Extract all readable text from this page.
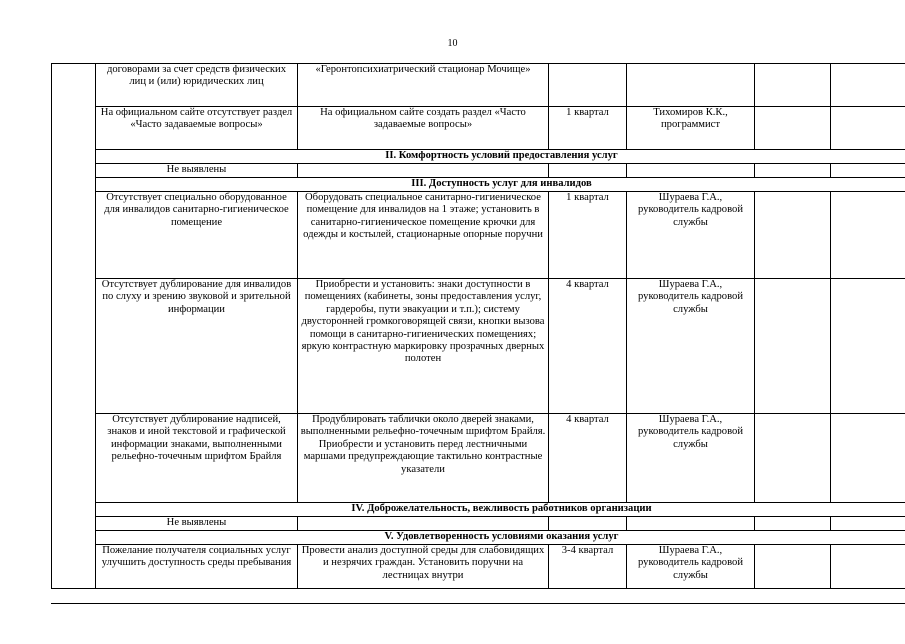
10
	договорами за счет средств физических лиц и (или) юридических лиц	«Геронтопсихиатрический стационар Мочище»				
	На официальном сайте отсутствует раздел «Часто задаваемые вопросы»	На официальном сайте создать раздел «Часто задаваемые вопросы»	1 квартал	Тихомиров К.К., программист		
	II. Комфортность условий предоставления услуг					
	Не выявлены					
	III. Доступность услуг для инвалидов					
	Отсутствует специально оборудованное для инвалидов санитарно-гигиеническое помещение	Оборудовать специальное санитарно-гигиеническое помещение для инвалидов на 1 этаже; установить в санитарно-гигиеническое помещение крючки для одежды и костылей, стационарные опорные поручни	1 квартал	Шураева Г.А., руководитель кадровой службы		
	Отсутствует дублирование для инвалидов по слуху и зрению звуковой и зрительной информации	Приобрести и установить: знаки доступности в помещениях (кабинеты, зоны предоставления услуг, гардеробы, пути эвакуации и т.п.); систему двусторонней громкоговорящей связи, кнопки вызова помощи в санитарно-гигиенических помещениях; яркую контрастную маркировку прозрачных дверных полотен	4 квартал	Шураева Г.А., руководитель кадровой службы		
	Отсутствует дублирование надписей, знаков и иной текстовой и графической информации знаками, выполненными рельефно-точечным шрифтом Брайля	Продублировать таблички около дверей знаками, выполненными рельефно-точечным шрифтом Брайля. Приобрести и установить перед лестничными маршами предупреждающие тактильно контрастные указатели	4 квартал	Шураева Г.А., руководитель кадровой службы		
	IV. Доброжелательность, вежливость работников организации					
	Не выявлены					
	V. Удовлетворенность условиями оказания услуг					
	Пожелание получателя социальных услуг улучшить доступность среды пребывания	Провести анализ доступной среды для слабовидящих и незрячих граждан. Установить поручни на лестницах внутри	3-4 квартал	Шураева Г.А., руководитель кадровой службы		
